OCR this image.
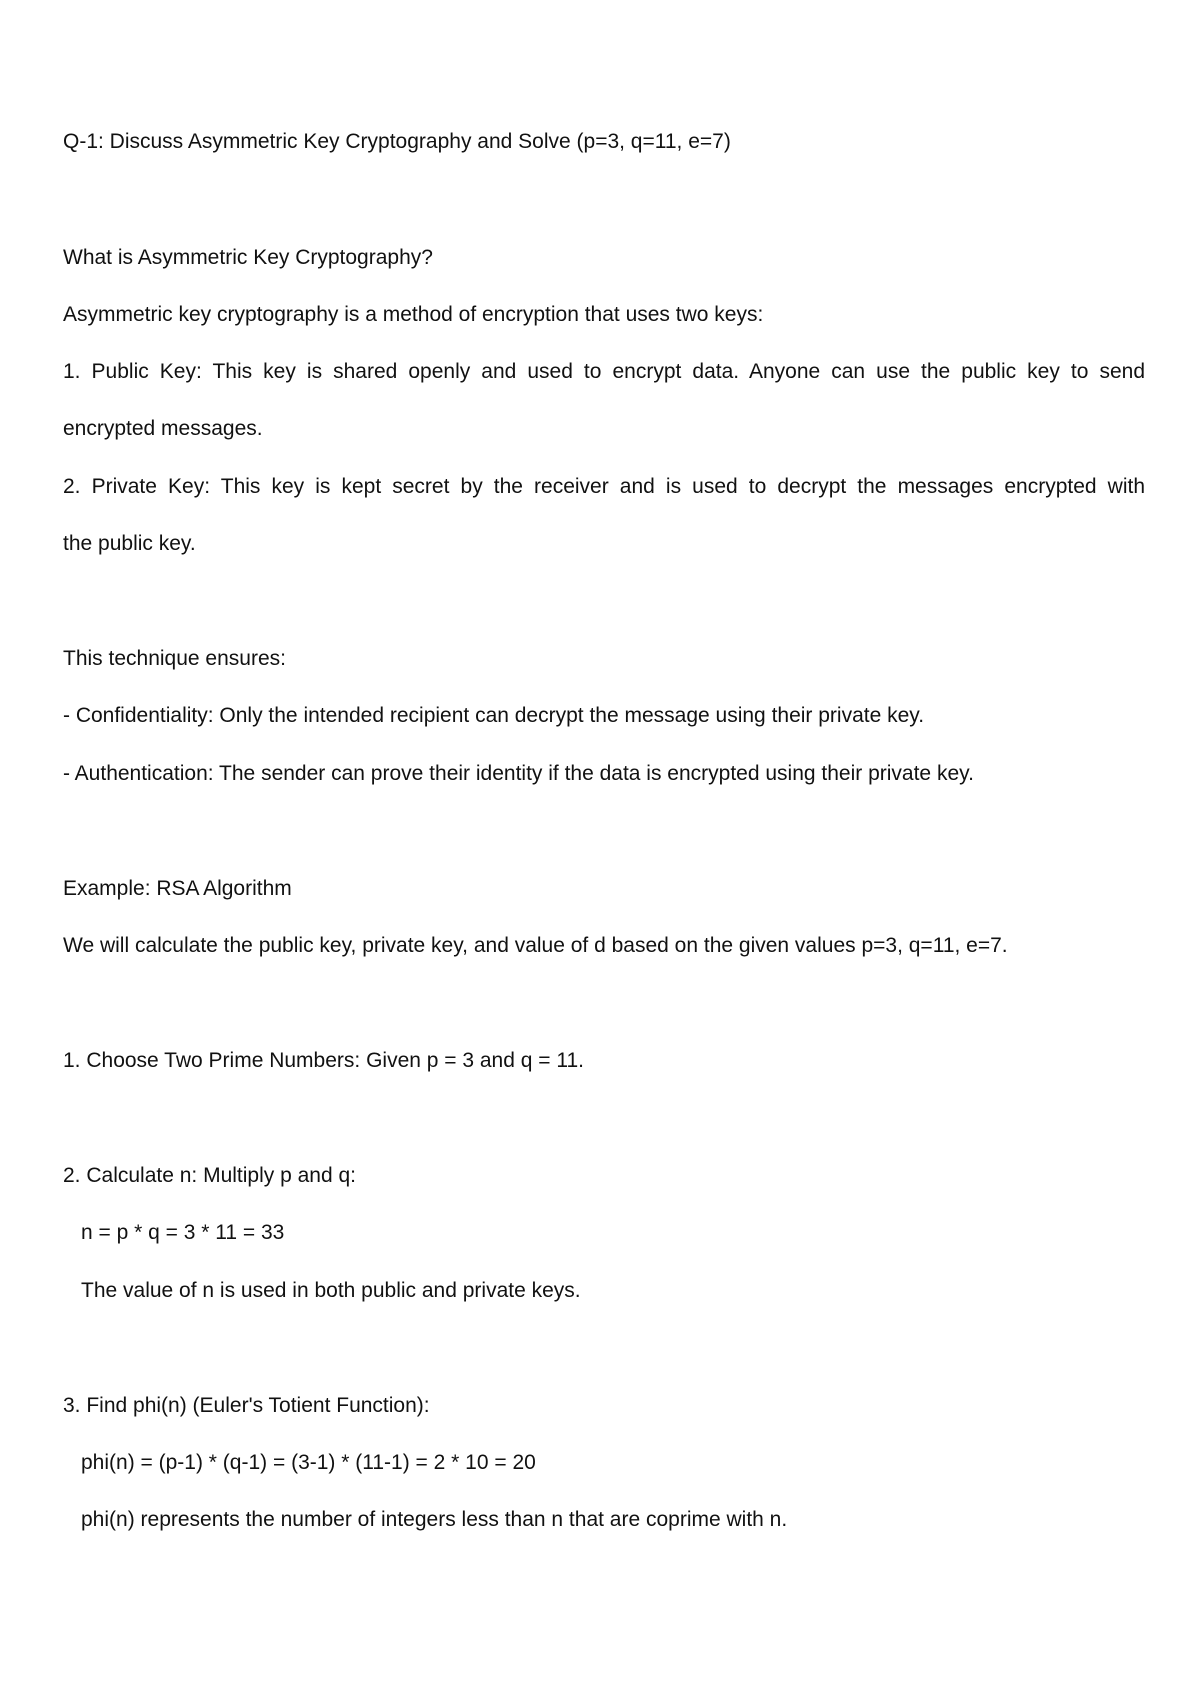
Q-1: Discuss Asymmetric Key Cryptography and Solve (p=3, q=11, e=7)

What is Asymmetric Key Cryptography?

Asymmetric key cryptography is a method of encryption that uses two keys:

1. Public Key: This key is shared openly and used to encrypt data. Anyone can use the public key to send

encrypted messages.

2. Private Key: This key is kept secret by the receiver and is used to decrypt the messages encrypted with

the public key.

This technique ensures:

- Confidentiality: Only the intended recipient can decrypt the message using their private key.

- Authentication: The sender can prove their identity if the data is encrypted using their private key.

Example: RSA Algorithm

We will calculate the public key, private key, and value of d based on the given values p=3, q=11, e=7.

1. Choose Two Prime Numbers: Given p = 3 and q = 11.

2. Calculate n: Multiply p and q:

n = p * q = 3 * 11 = 33

The value of n is used in both public and private keys.

3. Find phi(n) (Euler's Totient Function):

phi(n) = (p-1) * (q-1) = (3-1) * (11-1) = 2 * 10 = 20

phi(n) represents the number of integers less than n that are coprime with n.
